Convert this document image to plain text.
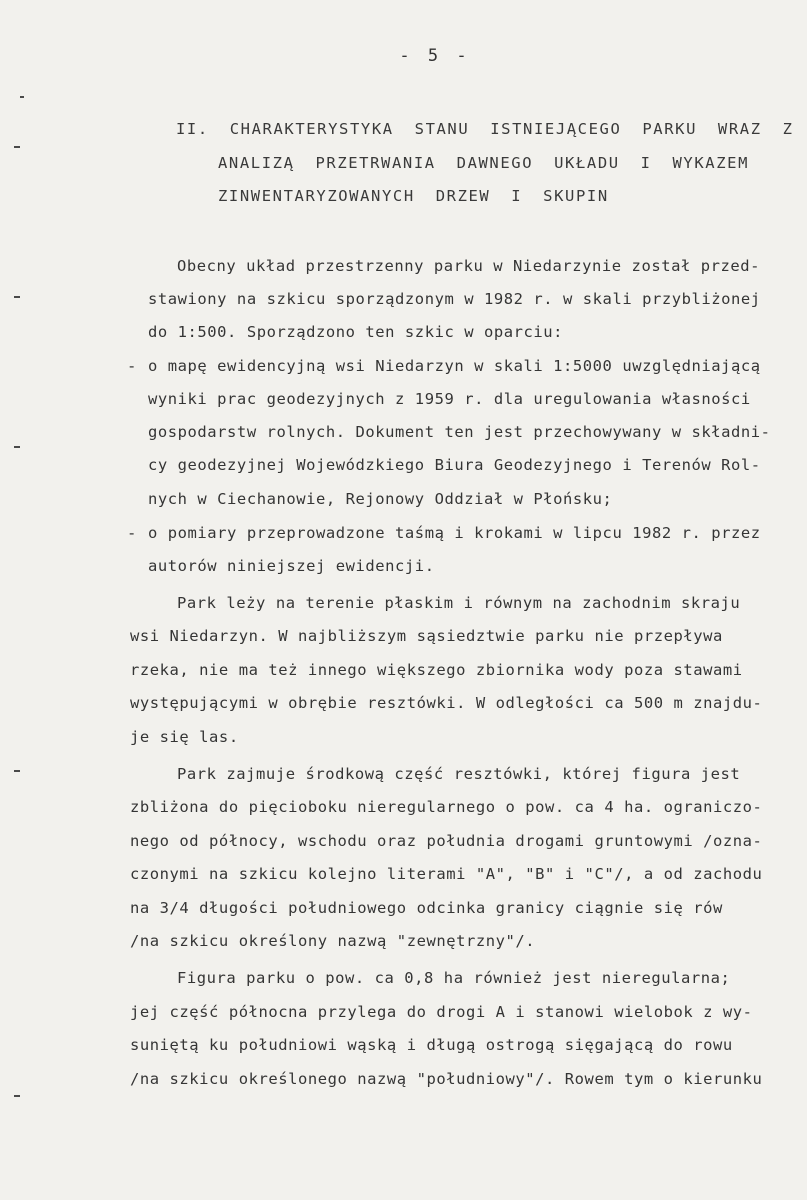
- 5 -
II. CHARAKTERYSTYKA STANU ISTNIEJĄCEGO PARKU WRAZ Z
ANALIZĄ PRZETRWANIA DAWNEGO UKŁADU I WYKAZEM
ZINWENTARYZOWANYCH DRZEW I SKUPIN
Obecny układ przestrzenny parku w Niedarzynie został przed-
stawiony na szkicu sporządzonym w 1982 r. w skali przybliżonej
do 1:500. Sporządzono ten szkic w oparciu:
- o mapę ewidencyjną wsi Niedarzyn w skali 1:5000 uwzględniającą
wyniki prac geodezyjnych z 1959 r. dla uregulowania własności
gospodarstw rolnych. Dokument ten jest przechowywany w składni-
cy geodezyjnej Wojewódzkiego Biura Geodezyjnego i Terenów Rol-
nych w Ciechanowie, Rejonowy Oddział w Płońsku;
- o pomiary przeprowadzone taśmą i krokami w lipcu 1982 r. przez
autorów niniejszej ewidencji.
Park leży na terenie płaskim i równym na zachodnim skraju
wsi Niedarzyn. W najbliższym sąsiedztwie parku nie przepływa
rzeka, nie ma też innego większego zbiornika wody poza stawami
występującymi w obrębie resztówki. W odległości ca 500 m znajdu-
je się las.
Park zajmuje środkową część resztówki, której figura jest
zbliżona do pięcioboku nieregularnego o pow. ca 4 ha. ograniczo-
nego od północy, wschodu oraz południa drogami gruntowymi /ozna-
czonymi na szkicu kolejno literami "A", "B" i "C"/, a od zachodu
na 3/4 długości południowego odcinka granicy ciągnie się rów
/na szkicu określony nazwą "zewnętrzny"/.
Figura parku o pow. ca 0,8 ha również jest nieregularna;
jej część północna przylega do drogi A i stanowi wielobok z wy-
suniętą ku południowi wąską i długą ostrogą sięgającą do rowu
/na szkicu określonego nazwą "południowy"/. Rowem tym o kierunku
